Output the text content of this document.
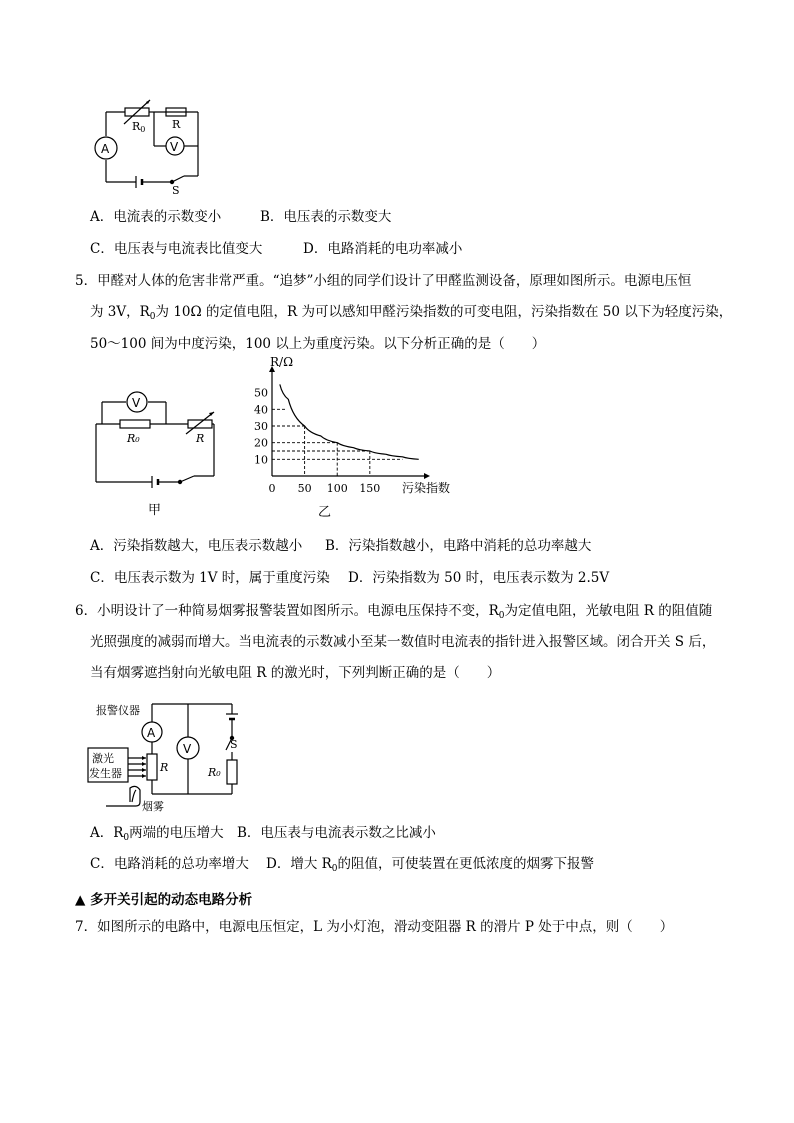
A	V
R0 R
S
A．电流表的示数变小	B．电压表的示数变大
C．电压表与电流表比值变大	D．电路消耗的电功率减小
5．甲醛对人体的危害非常严重。“追梦”小组的同学们设计了甲醛监测设备，原理如图所示。电源电压恒
为 3V，$R_0$为 10Ω 的定值电阻，R 为可以感知甲醛污染指数的可变电阻，污染指数在 50 以下为轻度污染，
50～100 间为中度污染，100 以上为重度污染。以下分析正确的是（　　）
V
R₀	R
甲
10
20
30
40
50
0 50 100 150
R/Ω
污染指数
乙
A．污染指数越大，电压表示数越小 B．污染指数越小，电路中消耗的总功率越大
C．电压表示数为 1V 时，属于重度污染 D．污染指数为 50 时，电压表示数为 2.5V
6．小明设计了一种简易烟雾报警装置如图所示。电源电压保持不变，$R_0$为定值电阻，光敏电阻 R 的阻值随
光照强度的减弱而增大。当电流表的示数减小至某一数值时电流表的指针进入报警区域。闭合开关 S 后，
当有烟雾遮挡射向光敏电阻 R 的激光时，下列判断正确的是（　　）
报警仪器
A
V	S
激光
发生器	R	R₀
烟雾
A．$R_0$两端的电压增大 B．电压表与电流表示数之比减小
C．电路消耗的总功率增大 D．增大 $R_0$的阻值，可使装置在更低浓度的烟雾下报警
▲ 多开关引起的动态电路分析
7．如图所示的电路中，电源电压恒定，L 为小灯泡，滑动变阻器 R 的滑片 P 处于中点，则（　　）
